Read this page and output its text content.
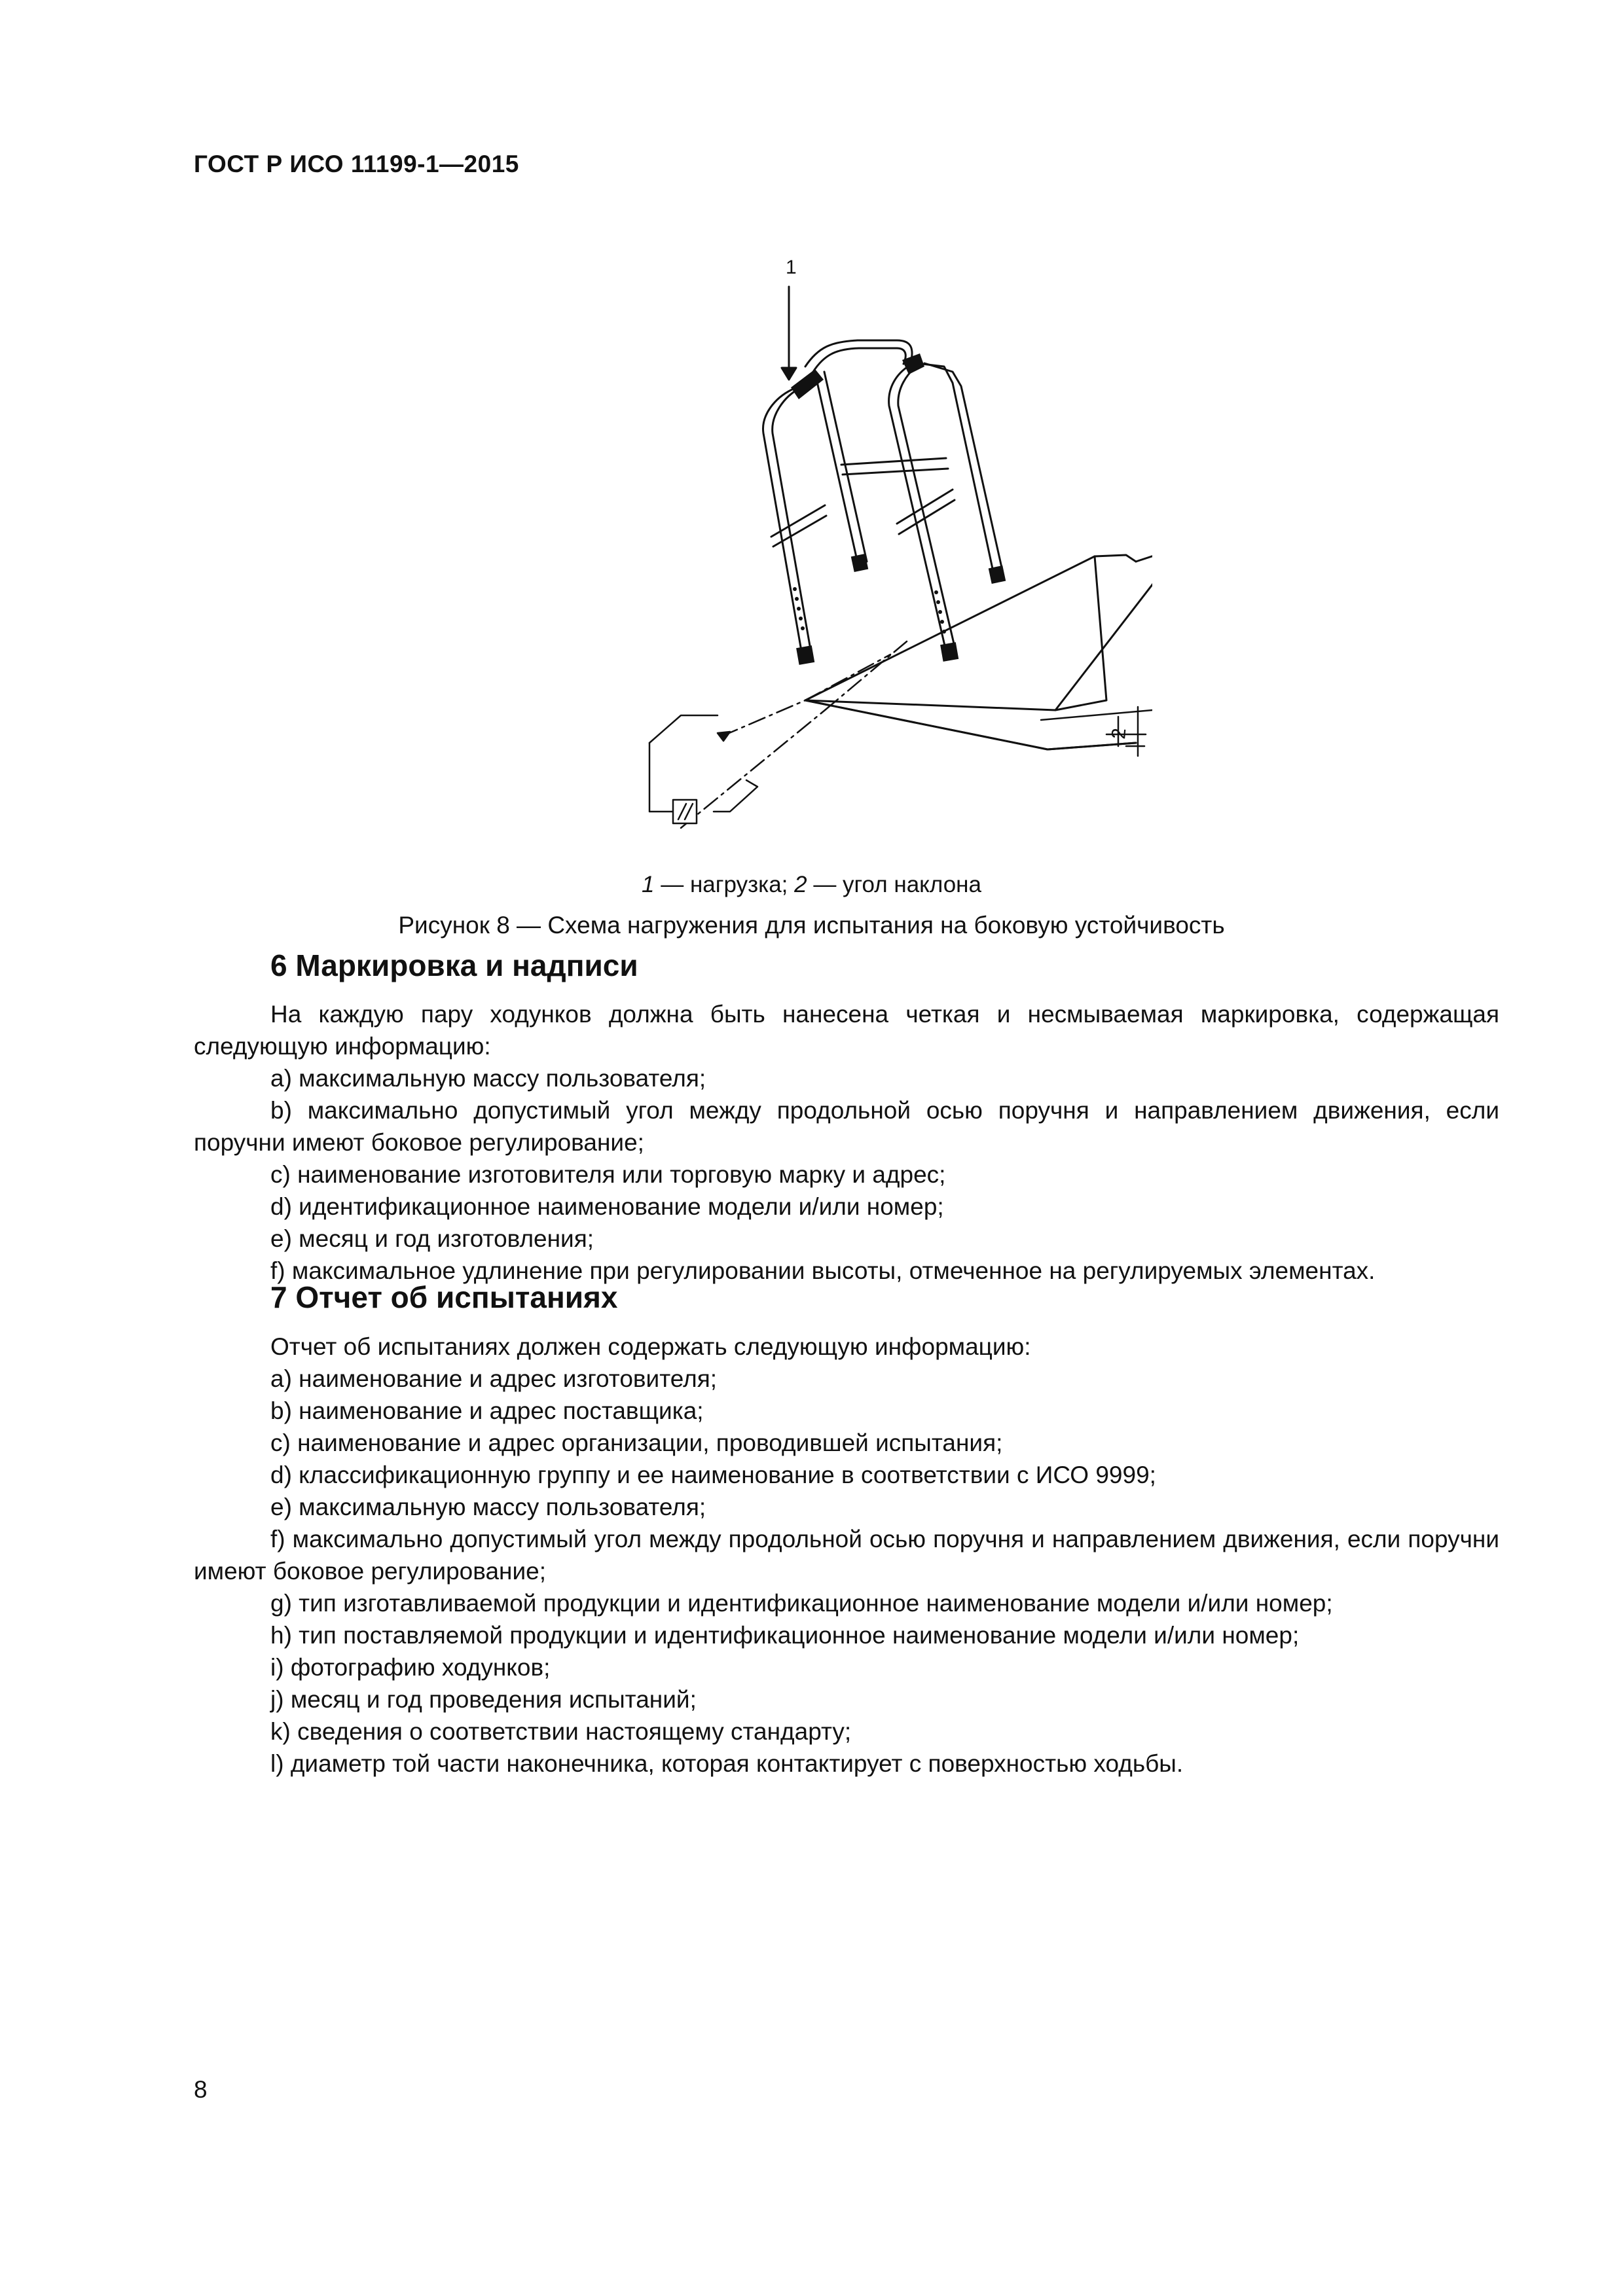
ГОСТ Р ИСО 11199-1—2015
2
1
1 — нагрузка; 2 — угол наклона
Рисунок 8 — Схема нагружения для испытания на боковую устойчивость
6 Маркировка и надписи

На каждую пару ходунков должна быть нанесена четкая и несмываемая маркировка, содержащая следующую информацию:

a) максимальную массу пользователя;

b) максимально допустимый угол между продольной осью поручня и направлением движения, если поручни имеют боковое регулирование;

c) наименование изготовителя или торговую марку и адрес;

d) идентификационное наименование модели и/или номер;

e) месяц и год изготовления;

f) максимальное удлинение при регулировании высоты, отмеченное на регулируемых элементах.

7 Отчет об испытаниях

Отчет об испытаниях должен содержать следующую информацию:

a) наименование и адрес изготовителя;

b) наименование и адрес поставщика;

c) наименование и адрес организации, проводившей испытания;

d) классификационную группу и ее наименование в соответствии с ИСО 9999;

e) максимальную массу пользователя;

f) максимально допустимый угол между продольной осью поручня и направлением движения, если поручни имеют боковое регулирование;

g) тип изготавливаемой продукции и идентификационное наименование модели и/или номер;

h) тип поставляемой продукции и идентификационное наименование модели и/или номер;

i) фотографию ходунков;

j) месяц и год проведения испытаний;

k) сведения о соответствии настоящему стандарту;

l) диаметр той части наконечника, которая контактирует с поверхностью ходьбы.

8
